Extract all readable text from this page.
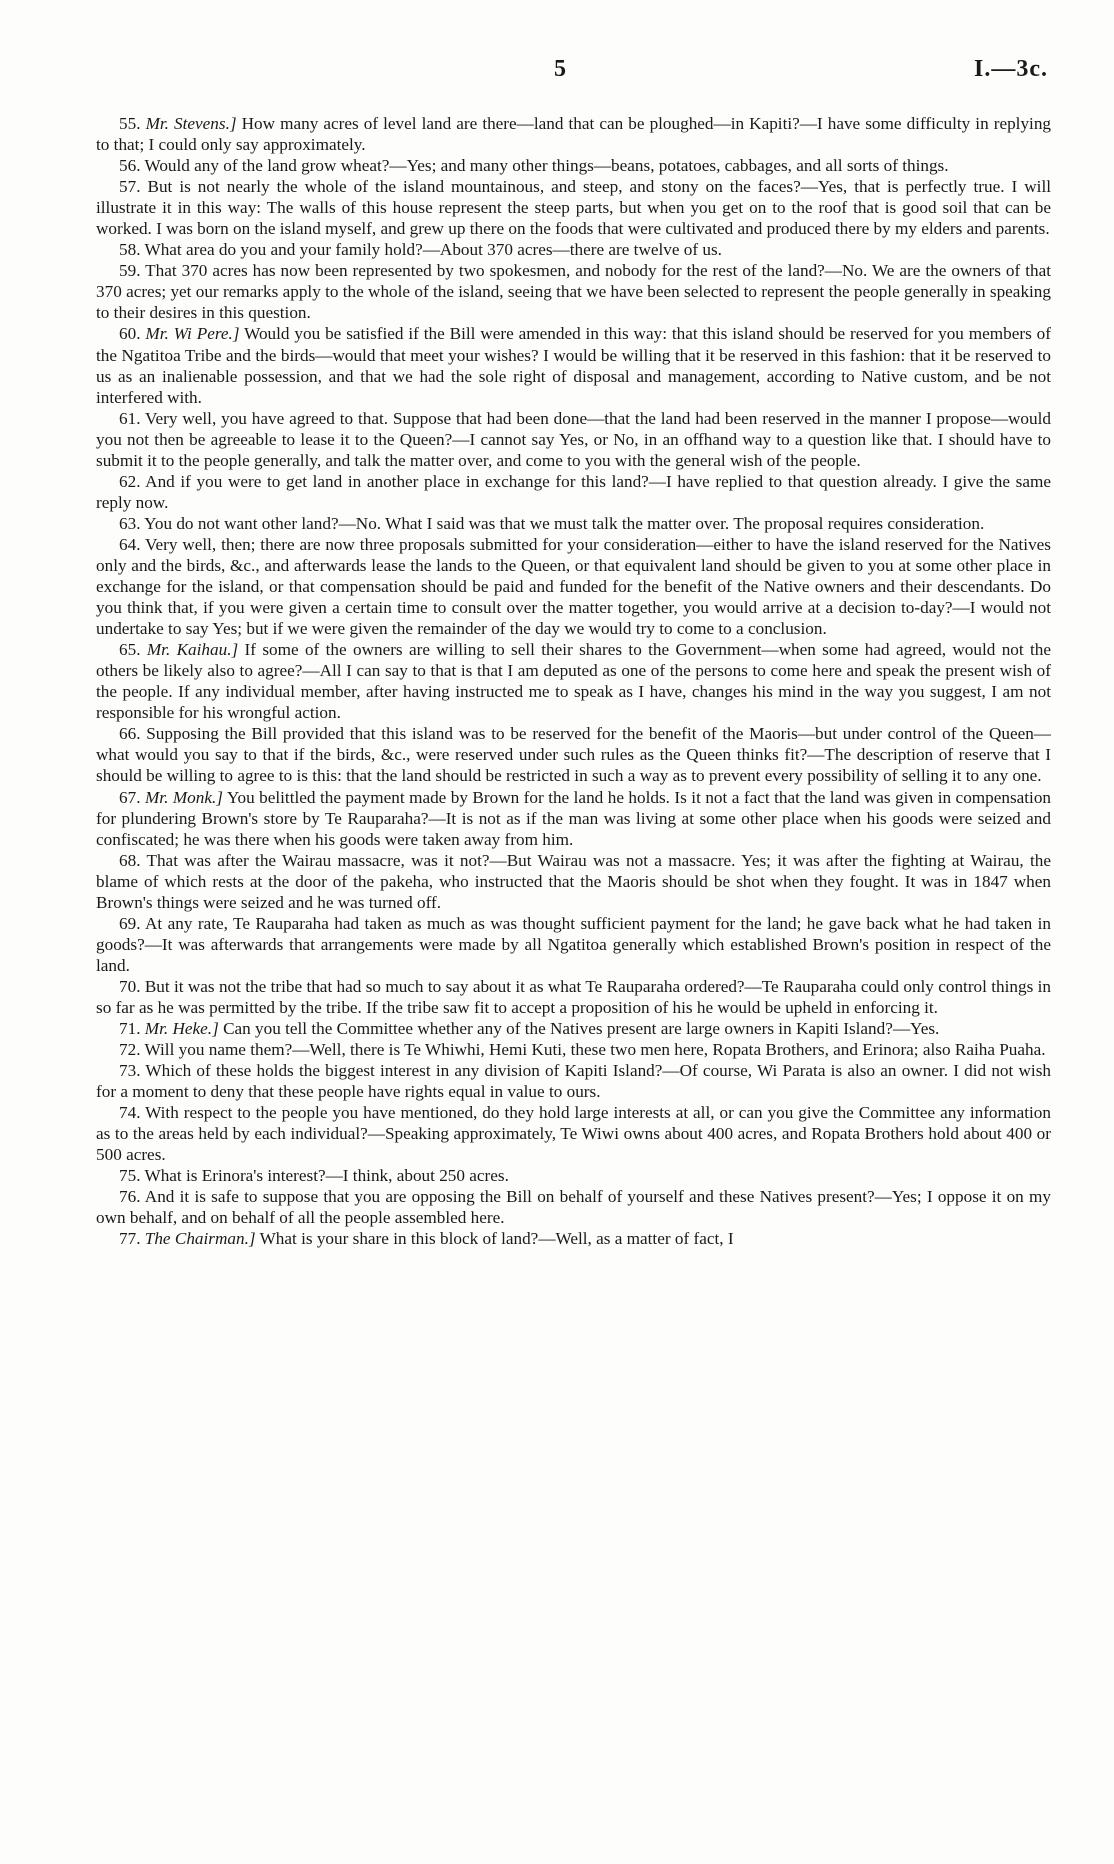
5	I.—3c.

55. Mr. Stevens.] How many acres of level land are there—land that can be ploughed—in Kapiti?—I have some difficulty in replying to that; I could only say approximately.

56. Would any of the land grow wheat?—Yes; and many other things—beans, potatoes, cabbages, and all sorts of things.

57. But is not nearly the whole of the island mountainous, and steep, and stony on the faces?—Yes, that is perfectly true. I will illustrate it in this way: The walls of this house represent the steep parts, but when you get on to the roof that is good soil that can be worked. I was born on the island myself, and grew up there on the foods that were cultivated and produced there by my elders and parents.

58. What area do you and your family hold?—About 370 acres—there are twelve of us.

59. That 370 acres has now been represented by two spokesmen, and nobody for the rest of the land?—No. We are the owners of that 370 acres; yet our remarks apply to the whole of the island, seeing that we have been selected to represent the people generally in speaking to their desires in this question.

60. Mr. Wi Pere.] Would you be satisfied if the Bill were amended in this way: that this island should be reserved for you members of the Ngatitoa Tribe and the birds—would that meet your wishes? I would be willing that it be reserved in this fashion: that it be reserved to us as an inalienable possession, and that we had the sole right of disposal and management, according to Native custom, and be not interfered with.

61. Very well, you have agreed to that. Suppose that had been done—that the land had been reserved in the manner I propose—would you not then be agreeable to lease it to the Queen?—I cannot say Yes, or No, in an offhand way to a question like that. I should have to submit it to the people generally, and talk the matter over, and come to you with the general wish of the people.

62. And if you were to get land in another place in exchange for this land?—I have replied to that question already. I give the same reply now.

63. You do not want other land?—No. What I said was that we must talk the matter over. The proposal requires consideration.

64. Very well, then; there are now three proposals submitted for your consideration—either to have the island reserved for the Natives only and the birds, &c., and afterwards lease the lands to the Queen, or that equivalent land should be given to you at some other place in exchange for the island, or that compensation should be paid and funded for the benefit of the Native owners and their descendants. Do you think that, if you were given a certain time to consult over the matter together, you would arrive at a decision to-day?—I would not undertake to say Yes; but if we were given the remainder of the day we would try to come to a conclusion.

65. Mr. Kaihau.] If some of the owners are willing to sell their shares to the Government—when some had agreed, would not the others be likely also to agree?—All I can say to that is that I am deputed as one of the persons to come here and speak the present wish of the people. If any individual member, after having instructed me to speak as I have, changes his mind in the way you suggest, I am not responsible for his wrongful action.

66. Supposing the Bill provided that this island was to be reserved for the benefit of the Maoris—but under control of the Queen—what would you say to that if the birds, &c., were reserved under such rules as the Queen thinks fit?—The description of reserve that I should be willing to agree to is this: that the land should be restricted in such a way as to prevent every possibility of selling it to any one.

67. Mr. Monk.] You belittled the payment made by Brown for the land he holds. Is it not a fact that the land was given in compensation for plundering Brown's store by Te Rauparaha?—It is not as if the man was living at some other place when his goods were seized and confiscated; he was there when his goods were taken away from him.

68. That was after the Wairau massacre, was it not?—But Wairau was not a massacre. Yes; it was after the fighting at Wairau, the blame of which rests at the door of the pakeha, who instructed that the Maoris should be shot when they fought. It was in 1847 when Brown's things were seized and he was turned off.

69. At any rate, Te Rauparaha had taken as much as was thought sufficient payment for the land; he gave back what he had taken in goods?—It was afterwards that arrangements were made by all Ngatitoa generally which established Brown's position in respect of the land.

70. But it was not the tribe that had so much to say about it as what Te Rauparaha ordered?—Te Rauparaha could only control things in so far as he was permitted by the tribe. If the tribe saw fit to accept a proposition of his he would be upheld in enforcing it.

71. Mr. Heke.] Can you tell the Committee whether any of the Natives present are large owners in Kapiti Island?—Yes.

72. Will you name them?—Well, there is Te Whiwhi, Hemi Kuti, these two men here, Ropata Brothers, and Erinora; also Raiha Puaha.

73. Which of these holds the biggest interest in any division of Kapiti Island?—Of course, Wi Parata is also an owner. I did not wish for a moment to deny that these people have rights equal in value to ours.

74. With respect to the people you have mentioned, do they hold large interests at all, or can you give the Committee any information as to the areas held by each individual?—Speaking approximately, Te Wiwi owns about 400 acres, and Ropata Brothers hold about 400 or 500 acres.

75. What is Erinora's interest?—I think, about 250 acres.

76. And it is safe to suppose that you are opposing the Bill on behalf of yourself and these Natives present?—Yes; I oppose it on my own behalf, and on behalf of all the people assembled here.

77. The Chairman.] What is your share in this block of land?—Well, as a matter of fact, I
